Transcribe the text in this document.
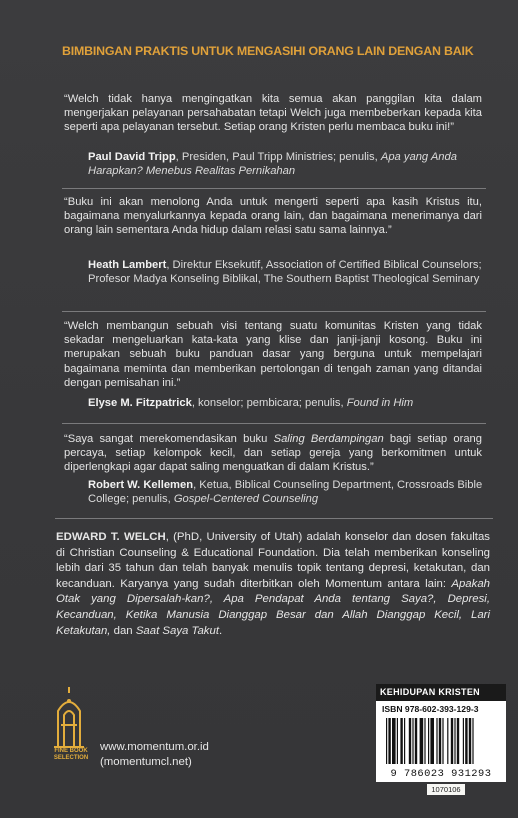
BIMBINGAN PRAKTIS UNTUK MENGASIHI ORANG LAIN DENGAN BAIK
“Welch tidak hanya mengingatkan kita semua akan panggilan kita dalam mengerjakan pelayanan persahabatan tetapi Welch juga membeberkan kepada kita seperti apa pelayanan tersebut. Setiap orang Kristen perlu membaca buku ini!”
Paul David Tripp, Presiden, Paul Tripp Ministries; penulis, Apa yang Anda Harapkan? Menebus Realitas Pernikahan
“Buku ini akan menolong Anda untuk mengerti seperti apa kasih Kristus itu, bagaimana menyalurkannya kepada orang lain, dan bagaimana menerimanya dari orang lain sementara Anda hidup dalam relasi satu sama lainnya.”
Heath Lambert, Direktur Eksekutif, Association of Certified Biblical Counselors; Profesor Madya Konseling Biblikal, The Southern Baptist Theological Seminary
“Welch membangun sebuah visi tentang suatu komunitas Kristen yang tidak sekadar mengeluarkan kata-kata yang klise dan janji-janji kosong. Buku ini merupakan sebuah buku panduan dasar yang berguna untuk mempelajari bagaimana meminta dan memberikan pertolongan di tengah zaman yang ditandai dengan pemisahan ini.”
Elyse M. Fitzpatrick, konselor; pembicara; penulis, Found in Him
“Saya sangat merekomendasikan buku Saling Berdampingan bagi setiap orang percaya, setiap kelompok kecil, dan setiap gereja yang berkomitmen untuk diperlengkapi agar dapat saling menguatkan di dalam Kristus.”
Robert W. Kellemen, Ketua, Biblical Counseling Department, Crossroads Bible College; penulis, Gospel-Centered Counseling
EDWARD T. WELCH, (PhD, University of Utah) adalah konselor dan dosen fakultas di Christian Counseling & Educational Foundation. Dia telah memberikan konseling lebih dari 35 tahun dan telah banyak menulis topik tentang depresi, ketakutan, dan kecanduan. Karyanya yang sudah diterbitkan oleh Momentum antara lain: Apakah Otak yang Dipersalah-kan?, Apa Pendapat Anda tentang Saya?, Depresi, Kecanduan, Ketika Manusia Dianggap Besar dan Allah Dianggap Kecil, Lari Ketakutan, dan Saat Saya Takut.
FINE BOOK
SELECTION
www.momentum.or.id
(momentumcl.net)
KEHIDUPAN KRISTEN
ISBN 978-602-393-129-3
9 786023 931293
1070106
